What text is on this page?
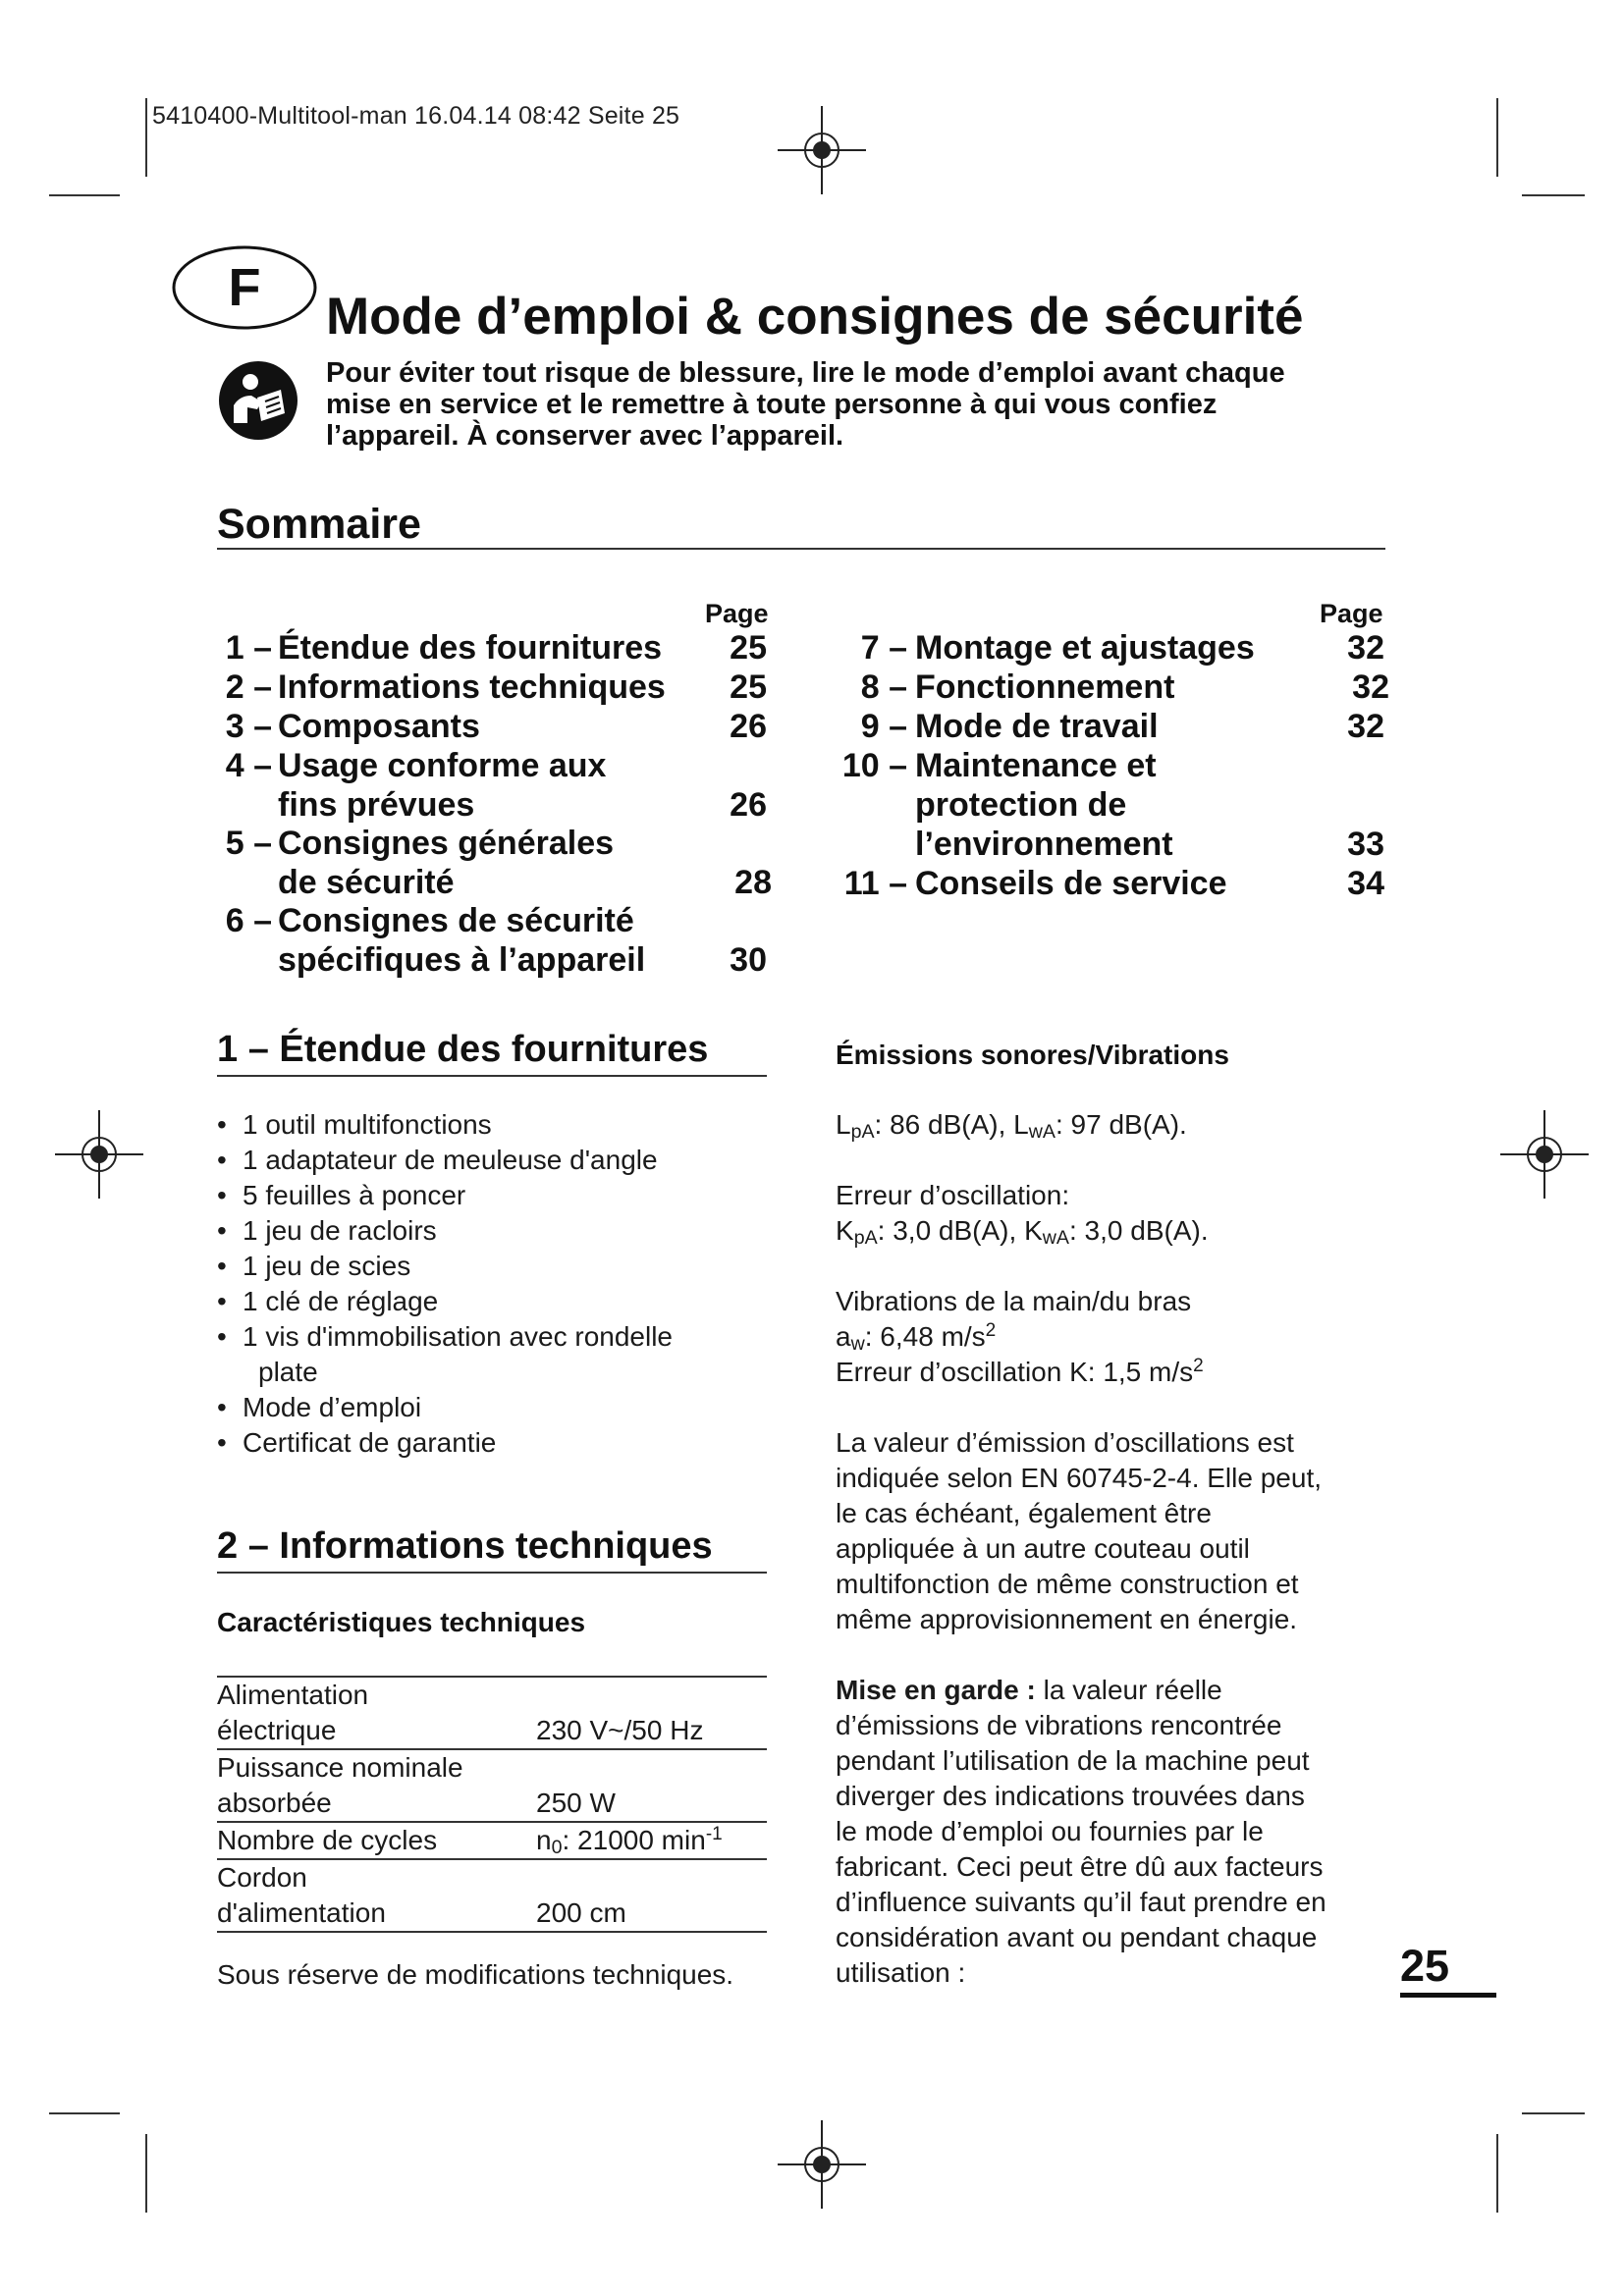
5410400-Multitool-man 16.04.14 08:42 Seite 25
F	Mode d’emploi & consignes de sécurité
Pour éviter tout risque de blessure, lire le mode d’emploi avant chaque mise en service et le remettre à toute personne à qui vous confiez l’appareil. À conserver avec l’appareil.
Sommaire
Page	Page
1 – Étendue des fournitures	25
2 – Informations techniques	25
3 – Composants	26
4 – Usage conforme aux
fins prévues	26
5 – Consignes générales
de sécurité	28
6 – Consignes de sécurité
spécifiques à l’appareil	30
7 – Montage et ajustages	32
8 – Fonctionnement	32
9 – Mode de travail	32
10 – Maintenance et
protection de
l’environnement	33
11 – Conseils de service	34
1 – Étendue des fournitures
• 1 outil multifonctions
• 1 adaptateur de meuleuse d'angle
• 5 feuilles à poncer
• 1 jeu de racloirs
• 1 jeu de scies
• 1 clé de réglage
• 1 vis d'immobilisation avec rondelle
plate
• Mode d’emploi
• Certificat de garantie
2 – Informations techniques
Caractéristiques techniques
Alimentation
électrique	230 V~/50 Hz
Puissance nominale
absorbée	250 W
Nombre de cycles	$n_0$: 21000 $\min^{-1}$
Cordon
d'alimentation	200 cm
Sous réserve de modifications techniques.
Émissions sonores/Vibrations
$L_{pA}$: 86 dB(A), $L_{wA}$: 97 dB(A).
Erreur d’oscillation:
$K_{pA}$: 3,0 dB(A), $K_{wA}$: 3,0 dB(A).
Vibrations de la main/du bras
$a_w$: 6,48 $m/s^2$
Erreur d’oscillation K: 1,5 $m/s^2$
La valeur d’émission d’oscillations est
indiquée selon EN 60745-2-4. Elle peut,
le cas échéant, également être
appliquée à un autre couteau outil
multifonction de même construction et
même approvisionnement en énergie.
Mise en garde : la valeur réelle
d’émissions de vibrations rencontrée
pendant l’utilisation de la machine peut
diverger des indications trouvées dans
le mode d’emploi ou fournies par le
fabricant. Ceci peut être dû aux facteurs
d’influence suivants qu’il faut prendre en
considération avant ou pendant chaque
utilisation :	25
